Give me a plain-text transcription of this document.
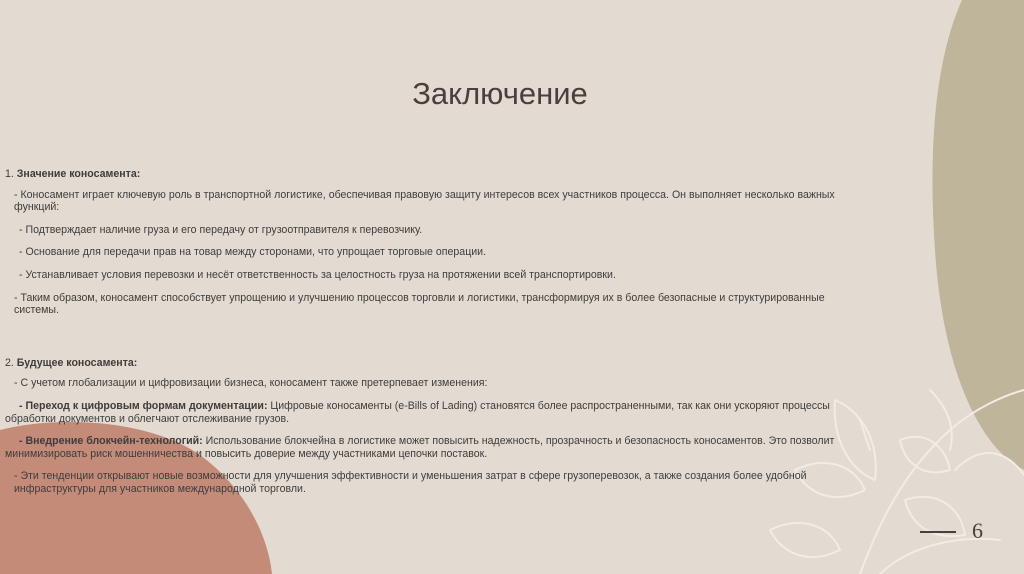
Заключение

1. Значение коносамента:

- Коносамент играет ключевую роль в транспортной логистике, обеспечивая правовую защиту интересов всех участников процесса. Он выполняет несколько важных функций:

- Подтверждает наличие груза и его передачу от грузоотправителя к перевозчику.

- Основание для передачи прав на товар между сторонами, что упрощает торговые операции.

- Устанавливает условия перевозки и несёт ответственность за целостность груза на протяжении всей транспортировки.

- Таким образом, коносамент способствует упрощению и улучшению процессов торговли и логистики, трансформируя их в более безопасные и структурированные системы.

2. Будущее коносамента:

- С учетом глобализации и цифровизации бизнеса, коносамент также претерпевает изменения:

- Переход к цифровым формам документации: Цифровые коносаменты (e-Bills of Lading) становятся более распространенными, так как они ускоряют процессы обработки документов и облегчают отслеживание грузов.

- Внедрение блокчейн-технологий: Использование блокчейна в логистике может повысить надежность, прозрачность и безопасность коносаментов. Это позволит минимизировать риск мошенничества и повысить доверие между участниками цепочки поставок.

- Эти тенденции открывают новые возможности для улучшения эффективности и уменьшения затрат в сфере грузоперевозок, а также создания более удобной инфраструктуры для участников международной торговли.

6
